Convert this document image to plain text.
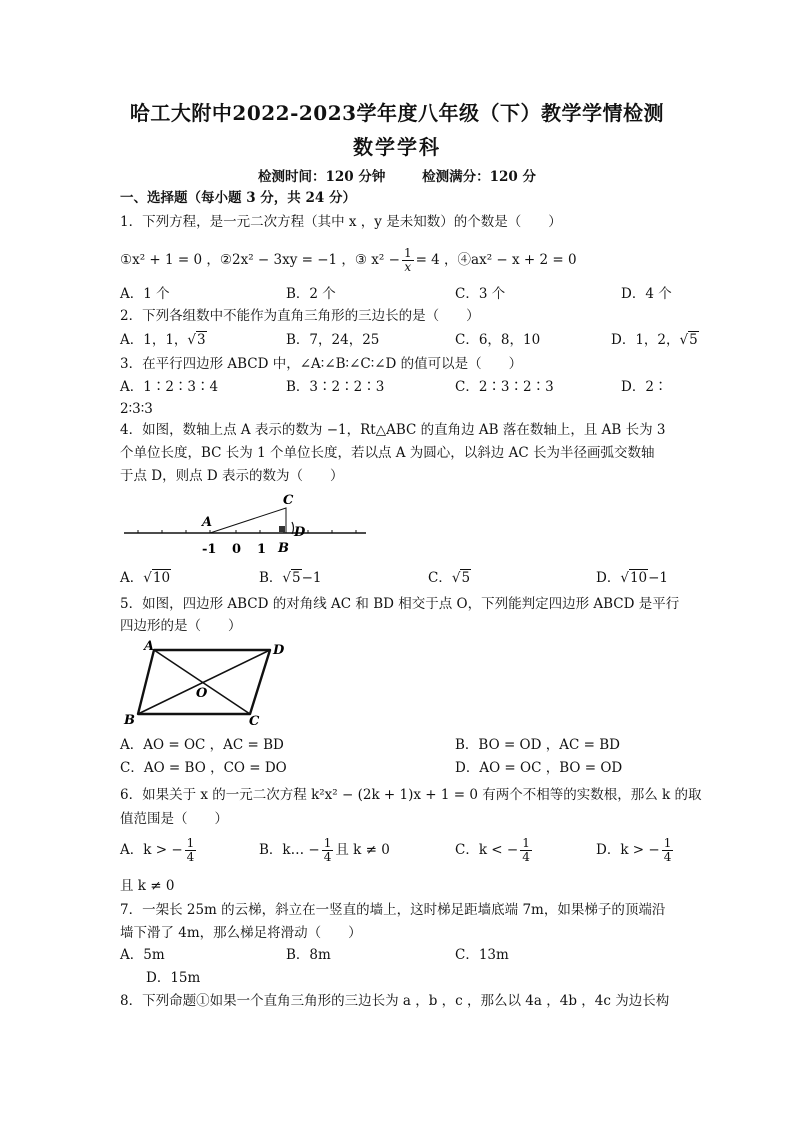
哈工大附中2022-2023学年度八年级（下）教学学情检测
数学学科
检测时间：120 分钟	检测满分：120 分
一、选择题（每小题 3 分，共 24 分）
1．下列方程，是一元二次方程（其中 x ，y 是未知数）的个数是（　　）
①x² + 1 = 0 ，②2x² − 3xy = −1 ，③ $x^2 - \frac{1}{x} = 4$ ，④ax² − x + 2 = 0
A．1 个	B．2 个	C．3 个	D．4 个
2．下列各组数中不能作为直角三角形的三边长的是（　　）
A．1，1，√3	B．7，24，25	C．6，8，10	D．1，2，√5
3．在平行四边形 ABCD 中，∠A∶∠B∶∠C∶∠D 的值可以是（　　）
A．1∶2∶3∶4	B．3∶2∶2∶3	C．2∶3∶2∶3	D．2∶
2∶3∶3
4．如图，数轴上点 A 表示的数为 −1，Rt△ABC 的直角边 AB 落在数轴上，且 AB 长为 3
个单位长度，BC 长为 1 个单位长度，若以点 A 为圆心，以斜边 AC 长为半径画弧交数轴
于点 D，则点 D 表示的数为（　　）
A
C
D
B
-1 0 1
A．√10	B．√5−1	C．√5	D．√10−1
5．如图，四边形 ABCD 的对角线 AC 和 BD 相交于点 O，下列能判定四边形 ABCD 是平行
四边形的是（　　）
A	D
B	C
O
A．AO = OC ，AC = BD	B．BO = OD ，AC = BD
C．AO = BO ，CO = DO	D．AO = OC ，BO = OD
6．如果关于 x 的一元二次方程 k²x² − (2k + 1)x + 1 = 0 有两个不相等的实数根，那么 k 的取
值范围是（　　）
A．k > − $\frac{1}{4}$	B．k… − $\frac{1}{4}$ 且 k ≠ 0	C．k < − $\frac{1}{4}$	D．k > − $\frac{1}{4}$
且 k ≠ 0
7．一架长 25m 的云梯，斜立在一竖直的墙上，这时梯足距墙底端 7m，如果梯子的顶端沿
墙下滑了 4m，那么梯足将滑动（　　）
A．5m	B．8m	C．13m
D．15m
8．下列命题①如果一个直角三角形的三边长为 a ，b ，c ，那么以 4a ，4b ，4c 为边长构
